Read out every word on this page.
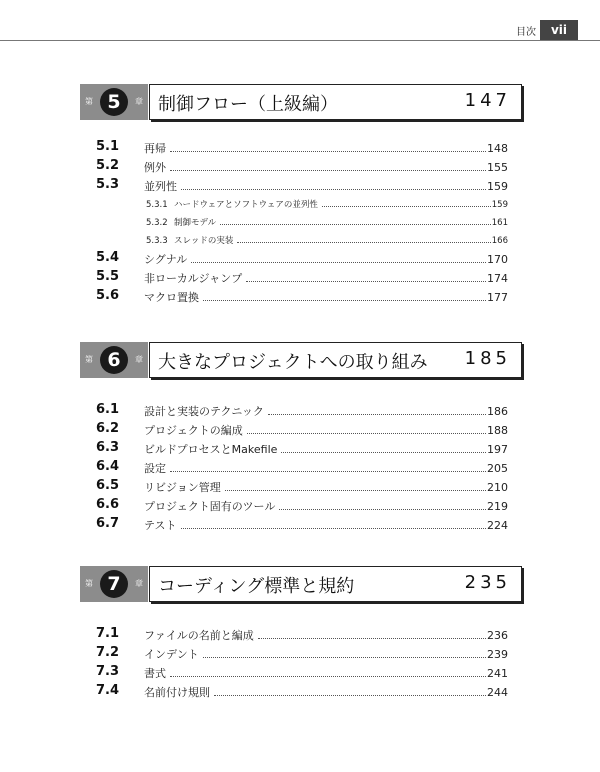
目次	vii
第 5	章 制御フロー（上級編）	147
5.1 再帰	148
5.2 例外	155
5.3 並列性	159
5.3.1 ハードウェアとソフトウェアの並列性	159
5.3.2 制御モデル	161
5.3.3 スレッドの実装	166
5.4 シグナル	170
5.5 非ローカルジャンプ	174
5.6 マクロ置換	177
第 6	章 大きなプロジェクトへの取り組み 185
6.1 設計と実装のテクニック	186
6.2 プロジェクトの編成	188
6.3 ビルドプロセスとMakefile	197
6.4 設定	205
6.5 リビジョン管理	210
6.6 プロジェクト固有のツール	219
6.7 テスト	224
第 7	章 コーディング標準と規約	235
7.1 ファイルの名前と編成	236
7.2 インデント	239
7.3 書式	241
7.4 名前付け規則	244
